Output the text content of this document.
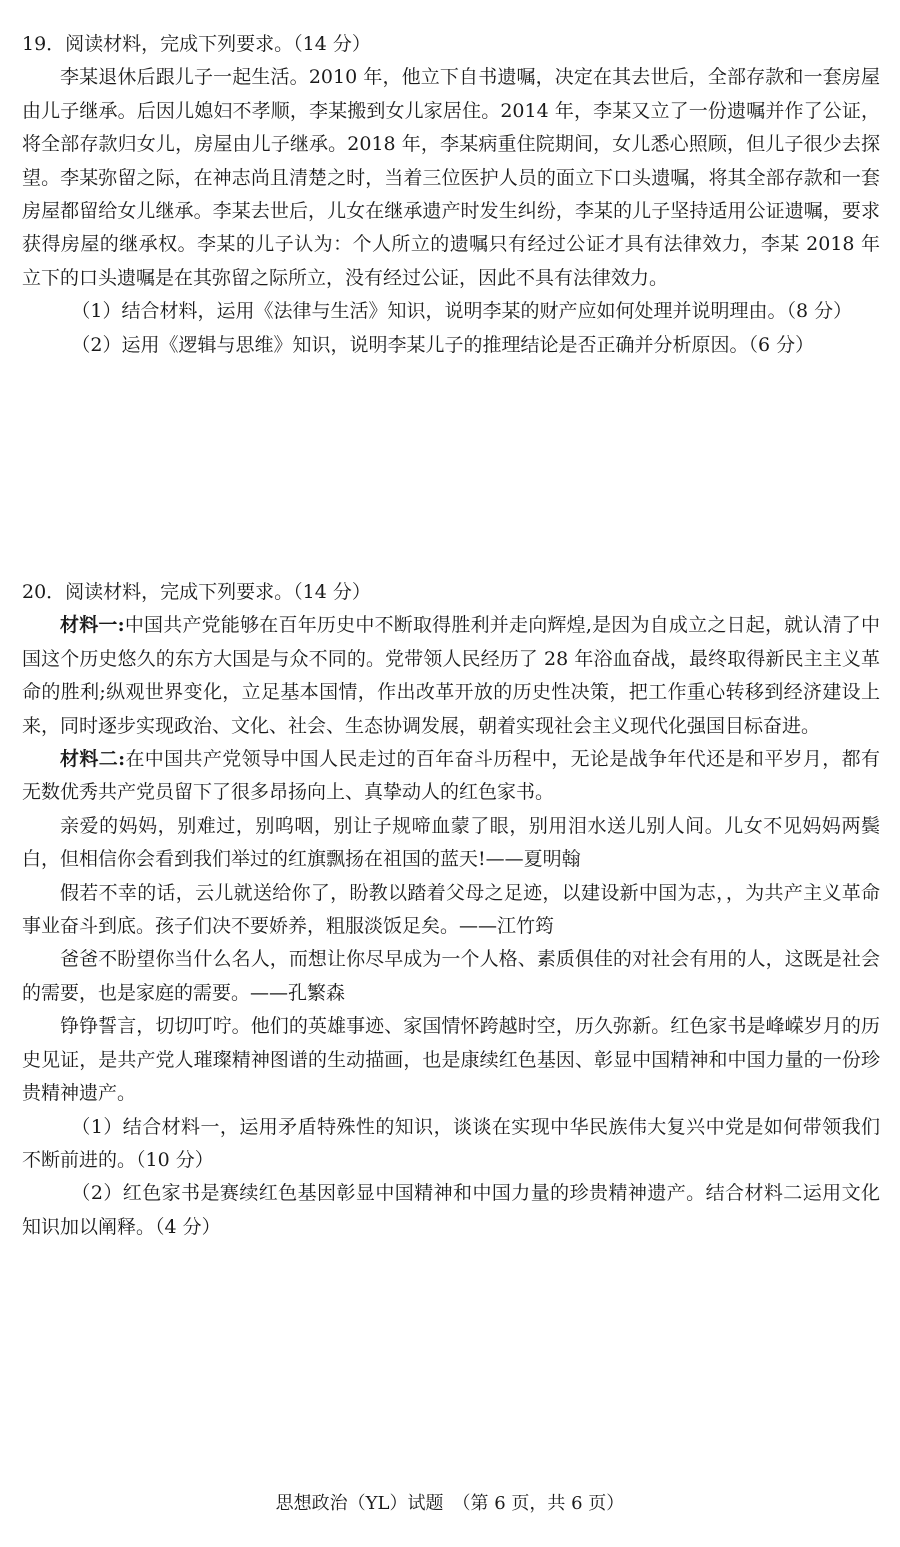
19．阅读材料，完成下列要求。（14 分）

李某退休后跟儿子一起生活。2010 年，他立下自书遗嘱，决定在其去世后，全部存款和一套房屋由儿子继承。后因儿媳妇不孝顺，李某搬到女儿家居住。2014 年，李某又立了一份遗嘱并作了公证，将全部存款归女儿，房屋由儿子继承。2018 年，李某病重住院期间，女儿悉心照顾，但儿子很少去探望。李某弥留之际，在神志尚且清楚之时，当着三位医护人员的面立下口头遗嘱，将其全部存款和一套房屋都留给女儿继承。李某去世后，儿女在继承遗产时发生纠纷，李某的儿子坚持适用公证遗嘱，要求获得房屋的继承权。李某的儿子认为：个人所立的遗嘱只有经过公证才具有法律效力，李某 2018 年立下的口头遗嘱是在其弥留之际所立，没有经过公证，因此不具有法律效力。

（1）结合材料，运用《法律与生活》知识，说明李某的财产应如何处理并说明理由。（8 分）

（2）运用《逻辑与思维》知识，说明李某儿子的推理结论是否正确并分析原因。（6 分）

20．阅读材料，完成下列要求。（14 分）

材料一:中国共产党能够在百年历史中不断取得胜利并走向辉煌,是因为自成立之日起，就认清了中国这个历史悠久的东方大国是与众不同的。党带领人民经历了 28 年浴血奋战，最终取得新民主主义革命的胜利;纵观世界变化，立足基本国情，作出改革开放的历史性决策，把工作重心转移到经济建设上来，同时逐步实现政治、文化、社会、生态协调发展，朝着实现社会主义现代化强国目标奋进。

材料二:在中国共产党领导中国人民走过的百年奋斗历程中，无论是战争年代还是和平岁月，都有无数优秀共产党员留下了很多昂扬向上、真挚动人的红色家书。

亲爱的妈妈，别难过，别呜咽，别让子规啼血蒙了眼，别用泪水送儿别人间。儿女不见妈妈两鬓白，但相信你会看到我们举过的红旗飘扬在祖国的蓝天!——夏明翰

假若不幸的话，云儿就送给你了，盼教以踏着父母之足迹，以建设新中国为志，，为共产主义革命事业奋斗到底。孩子们决不要娇养，粗服淡饭足矣。——江竹筠

爸爸不盼望你当什么名人，而想让你尽早成为一个人格、素质俱佳的对社会有用的人，这既是社会的需要，也是家庭的需要。——孔繁森

铮铮誓言，切切叮咛。他们的英雄事迹、家国情怀跨越时空，历久弥新。红色家书是峰嵘岁月的历史见证，是共产党人璀璨精神图谱的生动描画，也是康续红色基因、彰显中国精神和中国力量的一份珍贵精神遗产。

（1）结合材料一，运用矛盾特殊性的知识，谈谈在实现中华民族伟大复兴中党是如何带领我们不断前进的。（10 分）

（2）红色家书是赛续红色基因彰显中国精神和中国力量的珍贵精神遗产。结合材料二运用文化知识加以阐释。（4 分）

思想政治（YL）试题　（第 6 页，共 6 页）
